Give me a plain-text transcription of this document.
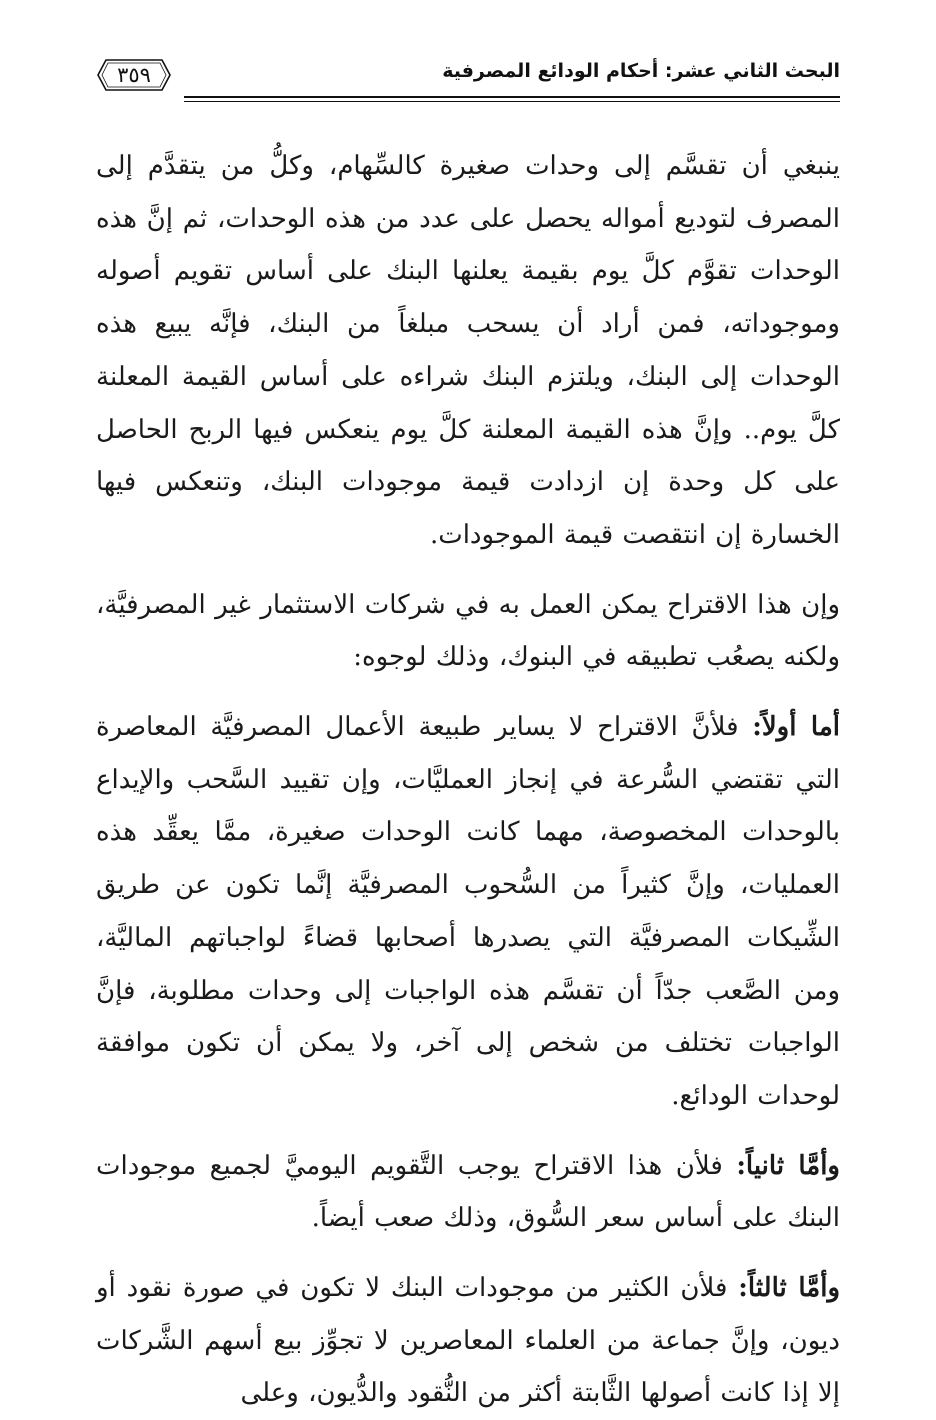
٣٥٩	البحث الثاني عشر: أحكام الودائع المصرفية

ينبغي أن تقسَّم إلى وحدات صغيرة كالسِّهام، وكلُّ من يتقدَّم إلى المصرف لتوديع أمواله يحصل على عدد من هذه الوحدات، ثم إنَّ هذه الوحدات تقوَّم كلَّ يوم بقيمة يعلنها البنك على أساس تقويم أصوله وموجوداته، فمن أراد أن يسحب مبلغاً من البنك، فإنَّه يبيع هذه الوحدات إلى البنك، ويلتزم البنك شراءه على أساس القيمة المعلنة كلَّ يوم.. وإنَّ هذه القيمة المعلنة كلَّ يوم ينعكس فيها الربح الحاصل على كل وحدة إن ازدادت قيمة موجودات البنك، وتنعكس فيها الخسارة إن انتقصت قيمة الموجودات.

وإن هذا الاقتراح يمكن العمل به في شركات الاستثمار غير المصرفيَّة، ولكنه يصعُب تطبيقه في البنوك، وذلك لوجوه:

أما أولاً: فلأنَّ الاقتراح لا يساير طبيعة الأعمال المصرفيَّة المعاصرة التي تقتضي السُّرعة في إنجاز العمليَّات، وإن تقييد السَّحب والإيداع بالوحدات المخصوصة، مهما كانت الوحدات صغيرة، ممَّا يعقِّد هذه العمليات، وإنَّ كثيراً من السُّحوب المصرفيَّة إنَّما تكون عن طريق الشِّيكات المصرفيَّة التي يصدرها أصحابها قضاءً لواجباتهم الماليَّة، ومن الصَّعب جدّاً أن تقسَّم هذه الواجبات إلى وحدات مطلوبة، فإنَّ الواجبات تختلف من شخص إلى آخر، ولا يمكن أن تكون موافقة لوحدات الودائع.

وأمَّا ثانياً: فلأن هذا الاقتراح يوجب التَّقويم اليوميَّ لجميع موجودات البنك على أساس سعر السُّوق، وذلك صعب أيضاً.

وأمَّا ثالثاً: فلأن الكثير من موجودات البنك لا تكون في صورة نقود أو ديون، وإنَّ جماعة من العلماء المعاصرين لا تجوِّز بيع أسهم الشَّركات إلا إذا كانت أصولها الثَّابتة أكثر من النُّقود والدُّيون، وعلى
